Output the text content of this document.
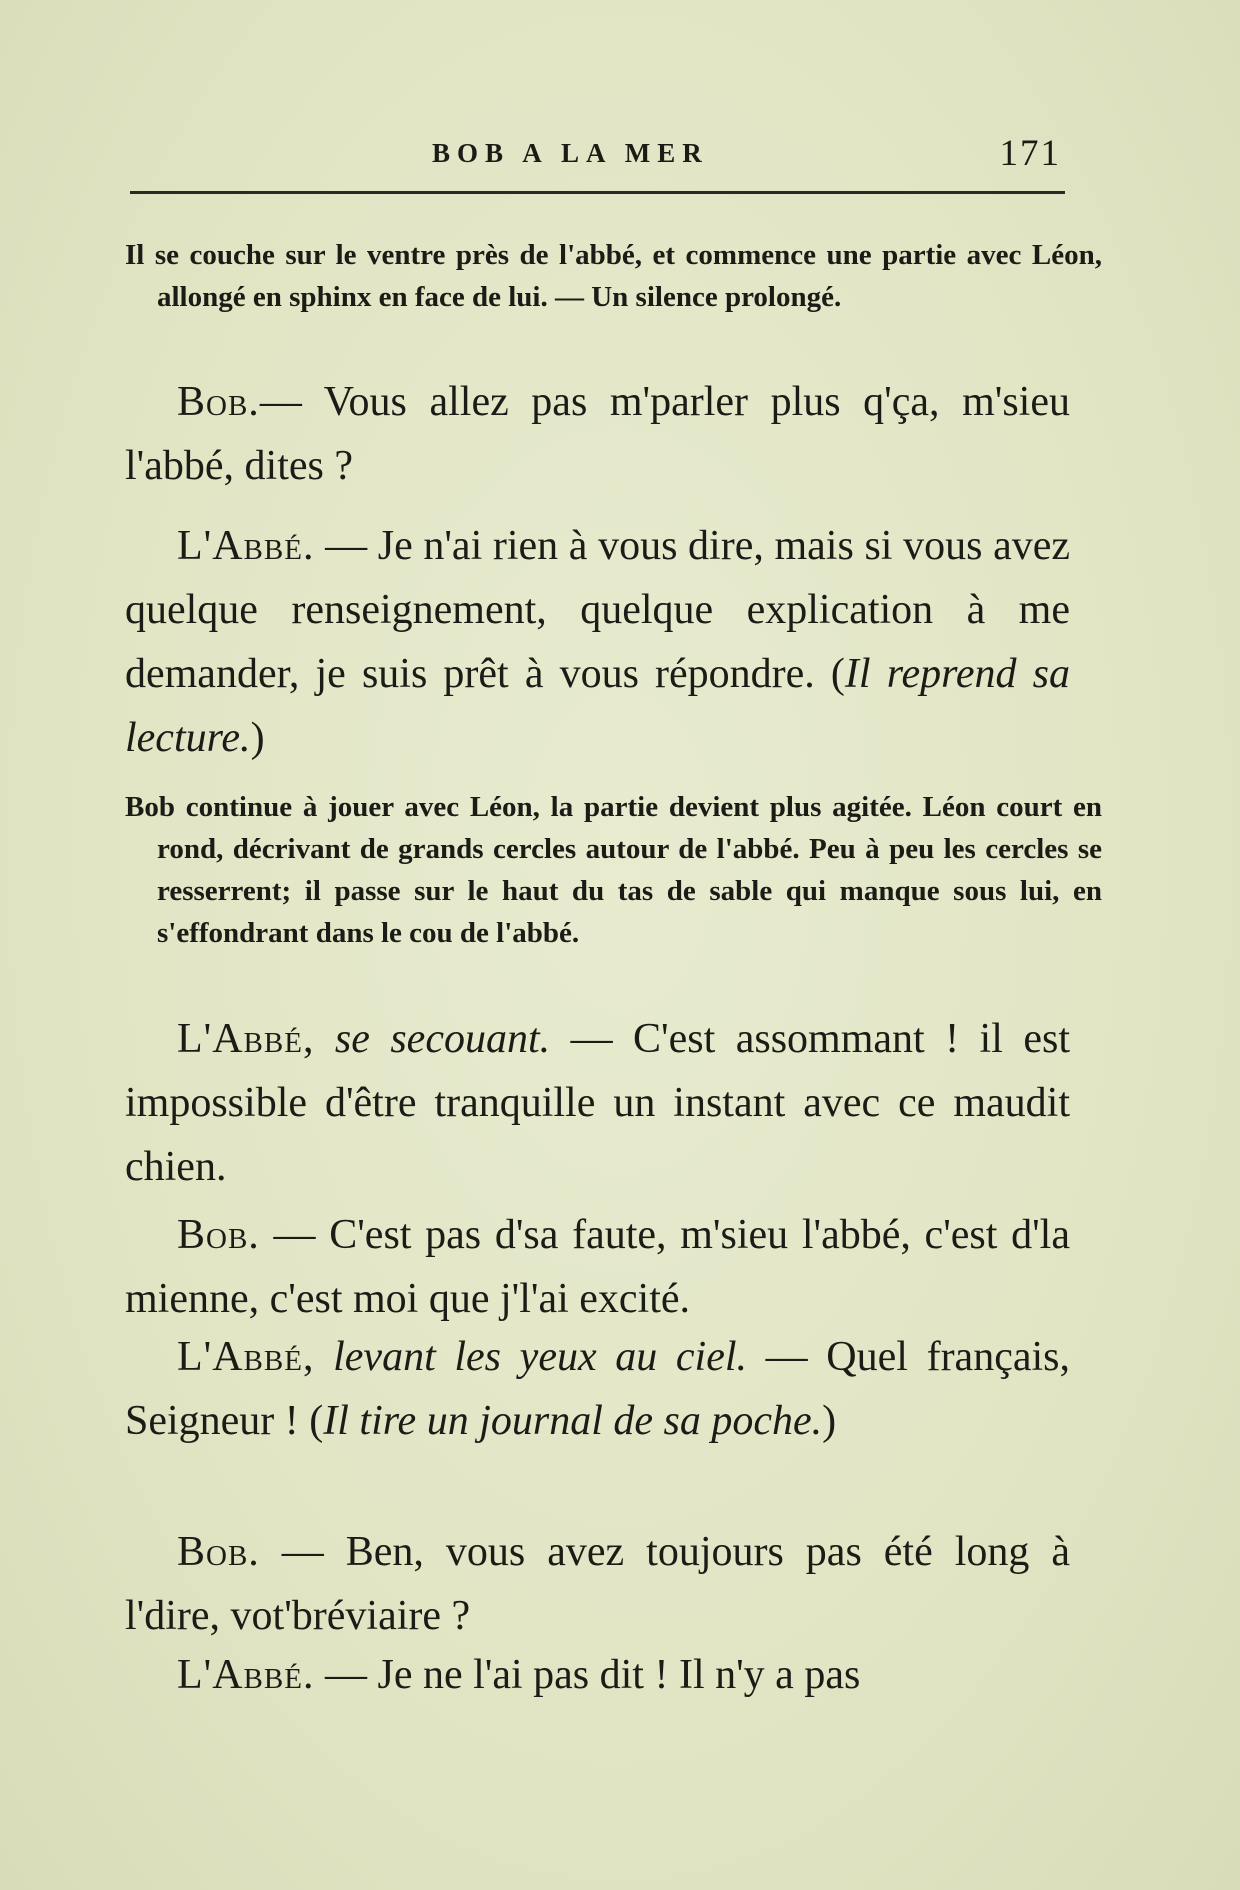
BOB A LA MER	171

Il se couche sur le ventre près de l'abbé, et commence une partie avec Léon, allongé en sphinx en face de lui. — Un silence prolongé.

Bob.— Vous allez pas m'parler plus q'ça, m'sieu l'abbé, dites ?

L'Abbé. — Je n'ai rien à vous dire, mais si vous avez quelque renseignement, quelque explication à me demander, je suis prêt à vous répondre. (Il reprend sa lecture.)

Bob continue à jouer avec Léon, la partie devient plus agitée. Léon court en rond, décrivant de grands cercles autour de l'abbé. Peu à peu les cercles se resserrent; il passe sur le haut du tas de sable qui manque sous lui, en s'effondrant dans le cou de l'abbé.

L'Abbé, se secouant. — C'est assommant ! il est impossible d'être tranquille un instant avec ce maudit chien.

Bob. — C'est pas d'sa faute, m'sieu l'abbé, c'est d'la mienne, c'est moi que j'l'ai excité.

L'Abbé, levant les yeux au ciel. — Quel français, Seigneur ! (Il tire un journal de sa poche.)

Bob. — Ben, vous avez toujours pas été long à l'dire, vot'bréviaire ?

L'Abbé. — Je ne l'ai pas dit ! Il n'y a pas
